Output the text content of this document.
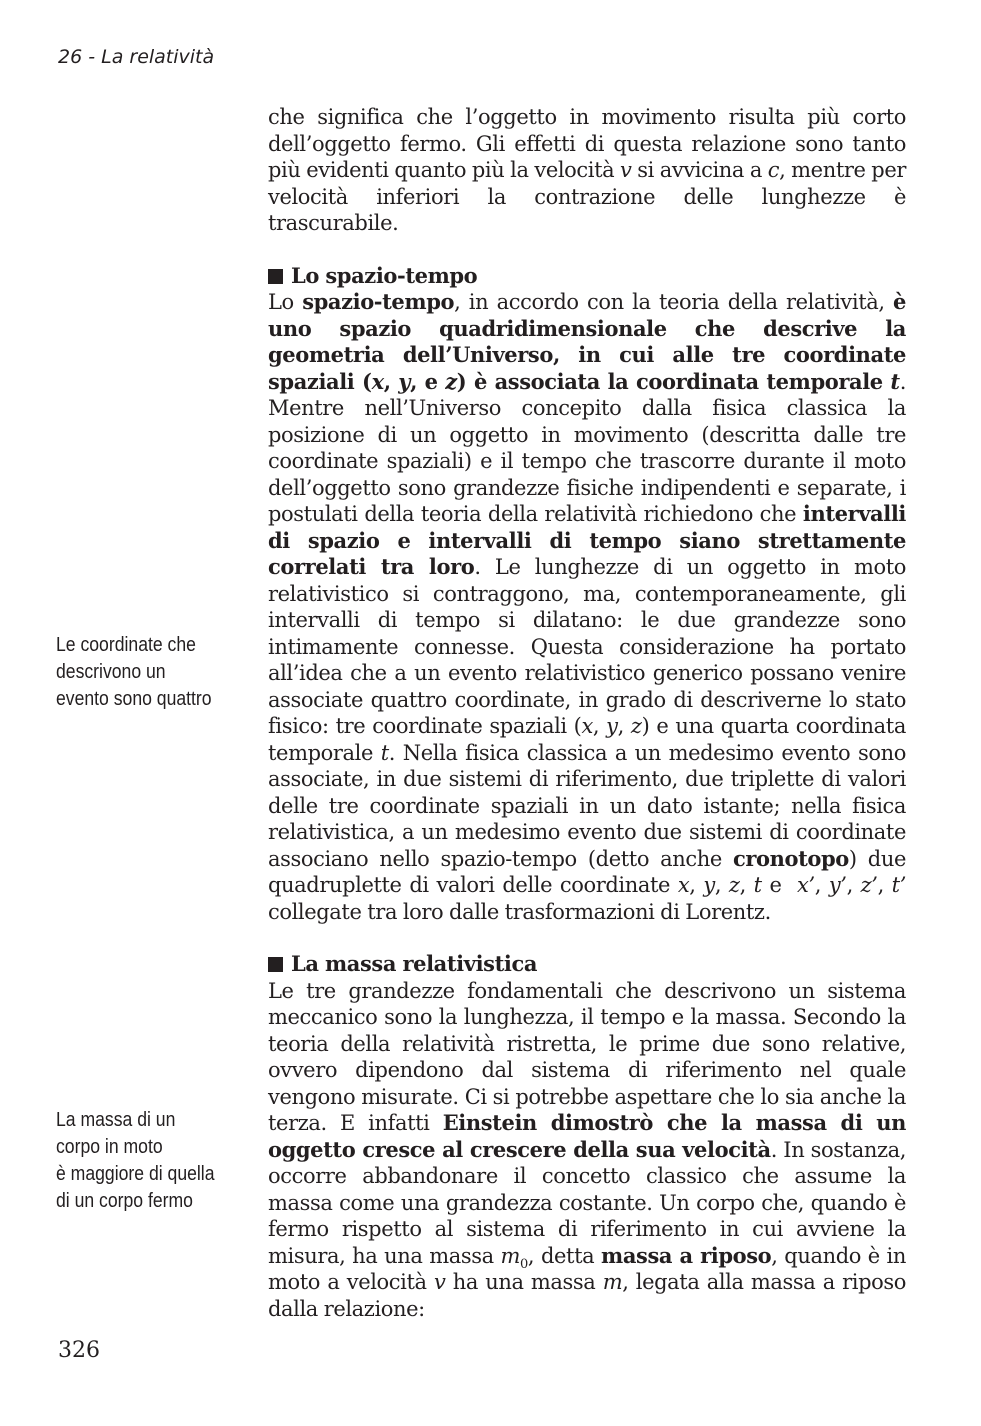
26 - La relatività

che significa che l’oggetto in movimento risulta più corto dell’oggetto fermo. Gli effetti di questa relazione sono tanto più evidenti quanto più la velocità v si avvicina a c, mentre per velocità inferiori la contrazione delle lunghezze è trascurabile.

Lo spazio-tempo

Lo spazio-tempo, in accordo con la teoria della relatività, è uno spazio quadridimensionale che descrive la geometria dell’Universo, in cui alle tre coordinate spaziali (x, y, e z) è associata la coordinata temporale t. Mentre nell’Universo concepito dalla fisica classica la posizione di un oggetto in movimento (descritta dalle tre coordinate spaziali) e il tempo che trascorre durante il moto dell’oggetto sono grandezze fisiche indipendenti e separate, i postulati della teoria della relatività richiedono che intervalli di spazio e intervalli di tempo siano strettamente correlati tra loro. Le lunghezze di un oggetto in moto relativistico si contraggono, ma, contemporaneamente, gli intervalli di tempo si dilatano: le due grandezze sono intimamente connesse. Questa considerazione ha portato all’idea che a un evento relativistico generico possano venire associate quattro coordinate, in grado di descriverne lo stato fisico: tre coordinate spaziali (x, y, z) e una quarta coordinata temporale t. Nella fisica classica a un medesimo evento sono associate, in due sistemi di riferimento, due triplette di valori delle tre coordinate spaziali in un dato istante; nella fisica relativistica, a un medesimo evento due sistemi di coordinate associano nello spazio-tempo (detto anche cronotopo) due quadruplette di valori delle coordinate x, y, z, t e  x’, y’, z’, t’ collegate tra loro dalle trasformazioni di Lorentz.

La massa relativistica

Le tre grandezze fondamentali che descrivono un sistema meccanico sono la lunghezza, il tempo e la massa. Secondo la teoria della relatività ristretta, le prime due sono relative, ovvero dipendono dal sistema di riferimento nel quale vengono misurate. Ci si potrebbe aspettare che lo sia anche la terza. E infatti Einstein dimostrò che la massa di un oggetto cresce al crescere della sua velocità. In sostanza, occorre abbandonare il concetto classico che assume la massa come una grandezza costante. Un corpo che, quando è fermo rispetto al sistema di riferimento in cui avviene la misura, ha una massa $m_0$, detta massa a riposo, quando è in moto a velocità v ha una massa m, legata alla massa a riposo dalla relazione:

Le coordinate che
descrivono un
evento sono quattro
La massa di un
corpo in moto
è maggiore di quella
di un corpo fermo
326
